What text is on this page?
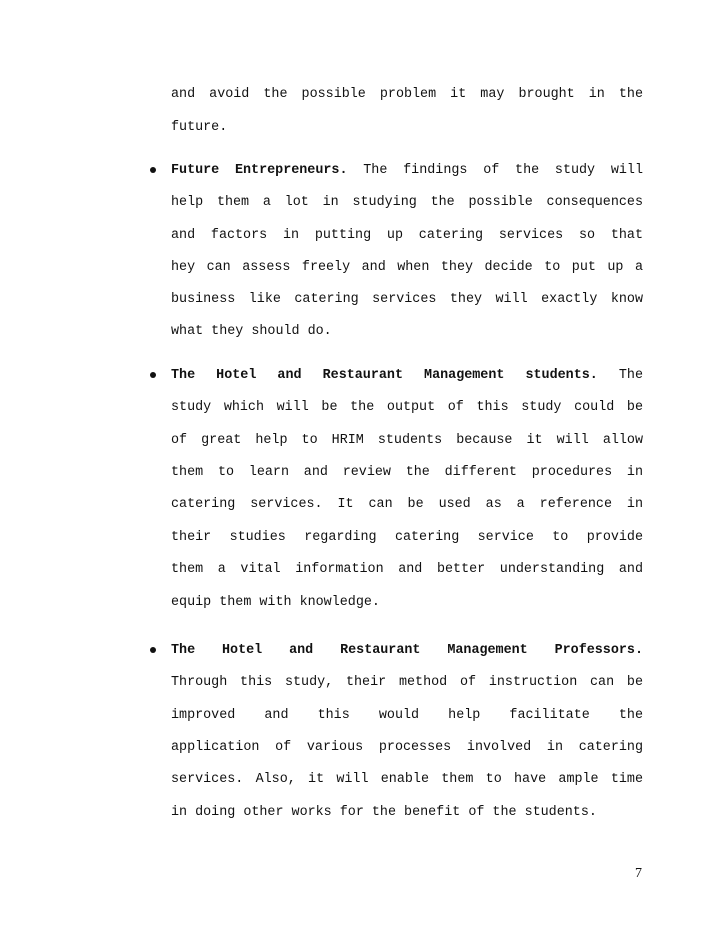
and avoid the possible problem it may brought in the
future.
Future Entrepreneurs. The findings of the study will
help them a lot in studying the possible consequences
and factors in putting up catering services so that
hey can assess freely and when they decide to put up a
business like catering services they will exactly know
what they should do.
The Hotel and Restaurant Management students. The
study which will be the output of this study could be
of great help to HRIM students because it will allow
them to learn and review the different procedures in
catering services. It can be used as a reference in
their studies regarding catering service to provide
them a vital information and better understanding and
equip them with knowledge.
The Hotel and Restaurant Management Professors.
Through this study, their method of instruction can be
improved and this would help facilitate the
application of various processes involved in catering
services. Also, it will enable them to have ample time
in doing other works for the benefit of the students.
7
